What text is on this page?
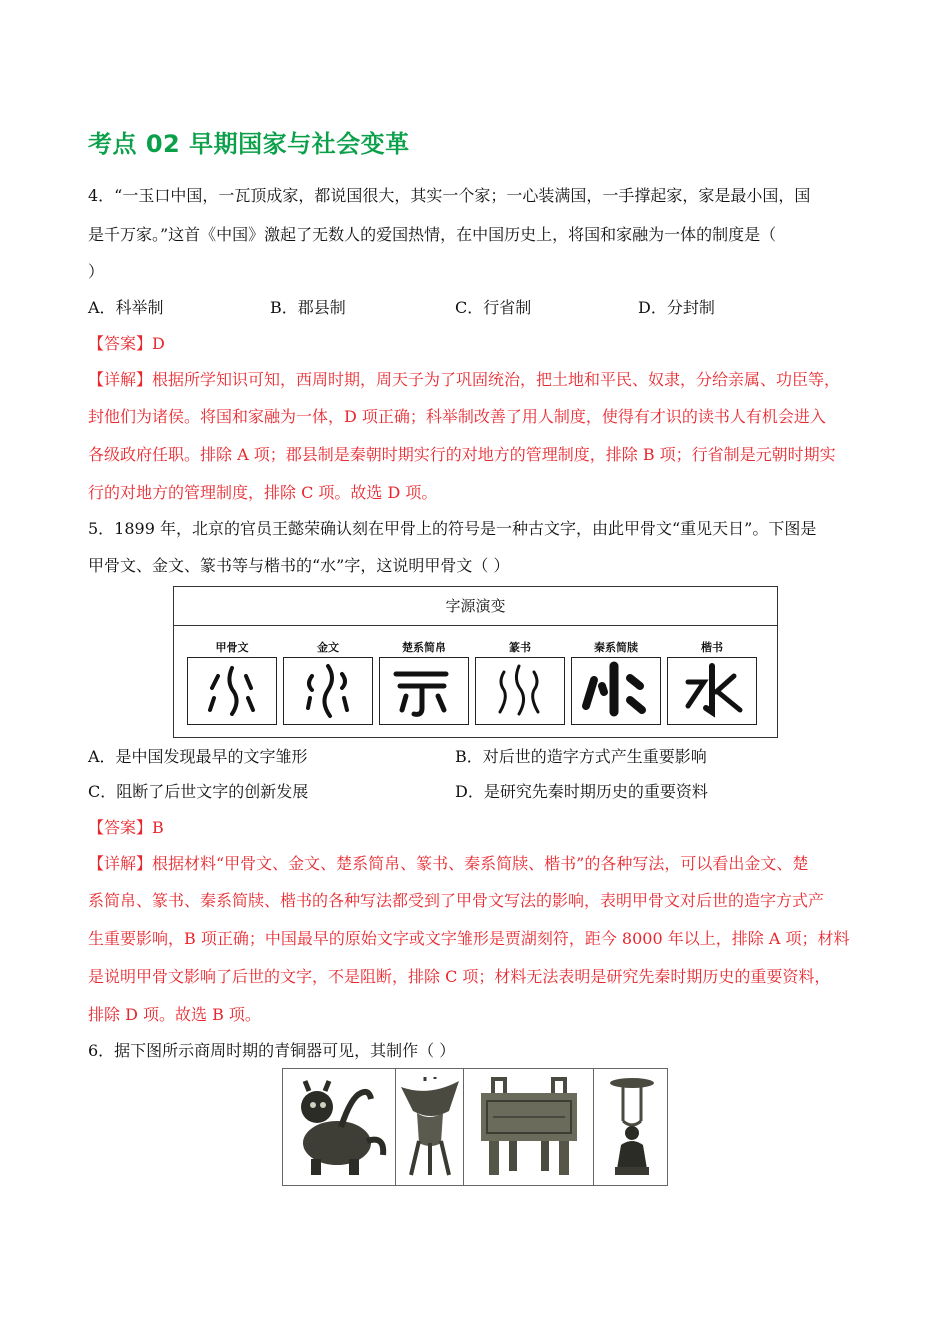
考点 02 早期国家与社会变革
4．“一玉口中国，一瓦顶成家，都说国很大，其实一个家；一心装满国，一手撑起家，家是最小国，国
是千万家。”这首《中国》激起了无数人的爱国热情，在中国历史上，将国和家融为一体的制度是（
）
A．科举制	B．郡县制	C．行省制	D．分封制
【答案】D
【详解】根据所学知识可知，西周时期，周天子为了巩固统治，把土地和平民、奴隶，分给亲属、功臣等，
封他们为诸侯。将国和家融为一体，D 项正确；科举制改善了用人制度，使得有才识的读书人有机会进入
各级政府任职。排除 A 项；郡县制是秦朝时期实行的对地方的管理制度，排除 B 项；行省制是元朝时期实
行的对地方的管理制度，排除 C 项。故选 D 项。
5．1899 年，北京的官员王懿荣确认刻在甲骨上的符号是一种古文字，由此甲骨文“重见天日”。下图是
甲骨文、金文、篆书等与楷书的“水”字，这说明甲骨文（ ）
字源演变
甲骨文	金文	楚系简帛	篆书	秦系简牍	楷书
A．是中国发现最早的文字雏形	B．对后世的造字方式产生重要影响
C．阻断了后世文字的创新发展	D．是研究先秦时期历史的重要资料
【答案】B
【详解】根据材料“甲骨文、金文、楚系简帛、篆书、秦系简牍、楷书”的各种写法，可以看出金文、楚
系简帛、篆书、秦系简牍、楷书的各种写法都受到了甲骨文写法的影响，表明甲骨文对后世的造字方式产
生重要影响，B 项正确；中国最早的原始文字或文字雏形是贾湖刻符，距今 8000 年以上，排除 A 项；材料
是说明甲骨文影响了后世的文字，不是阻断，排除 C 项；材料无法表明是研究先秦时期历史的重要资料，
排除 D 项。故选 B 项。
6．据下图所示商周时期的青铜器可见，其制作（ ）
